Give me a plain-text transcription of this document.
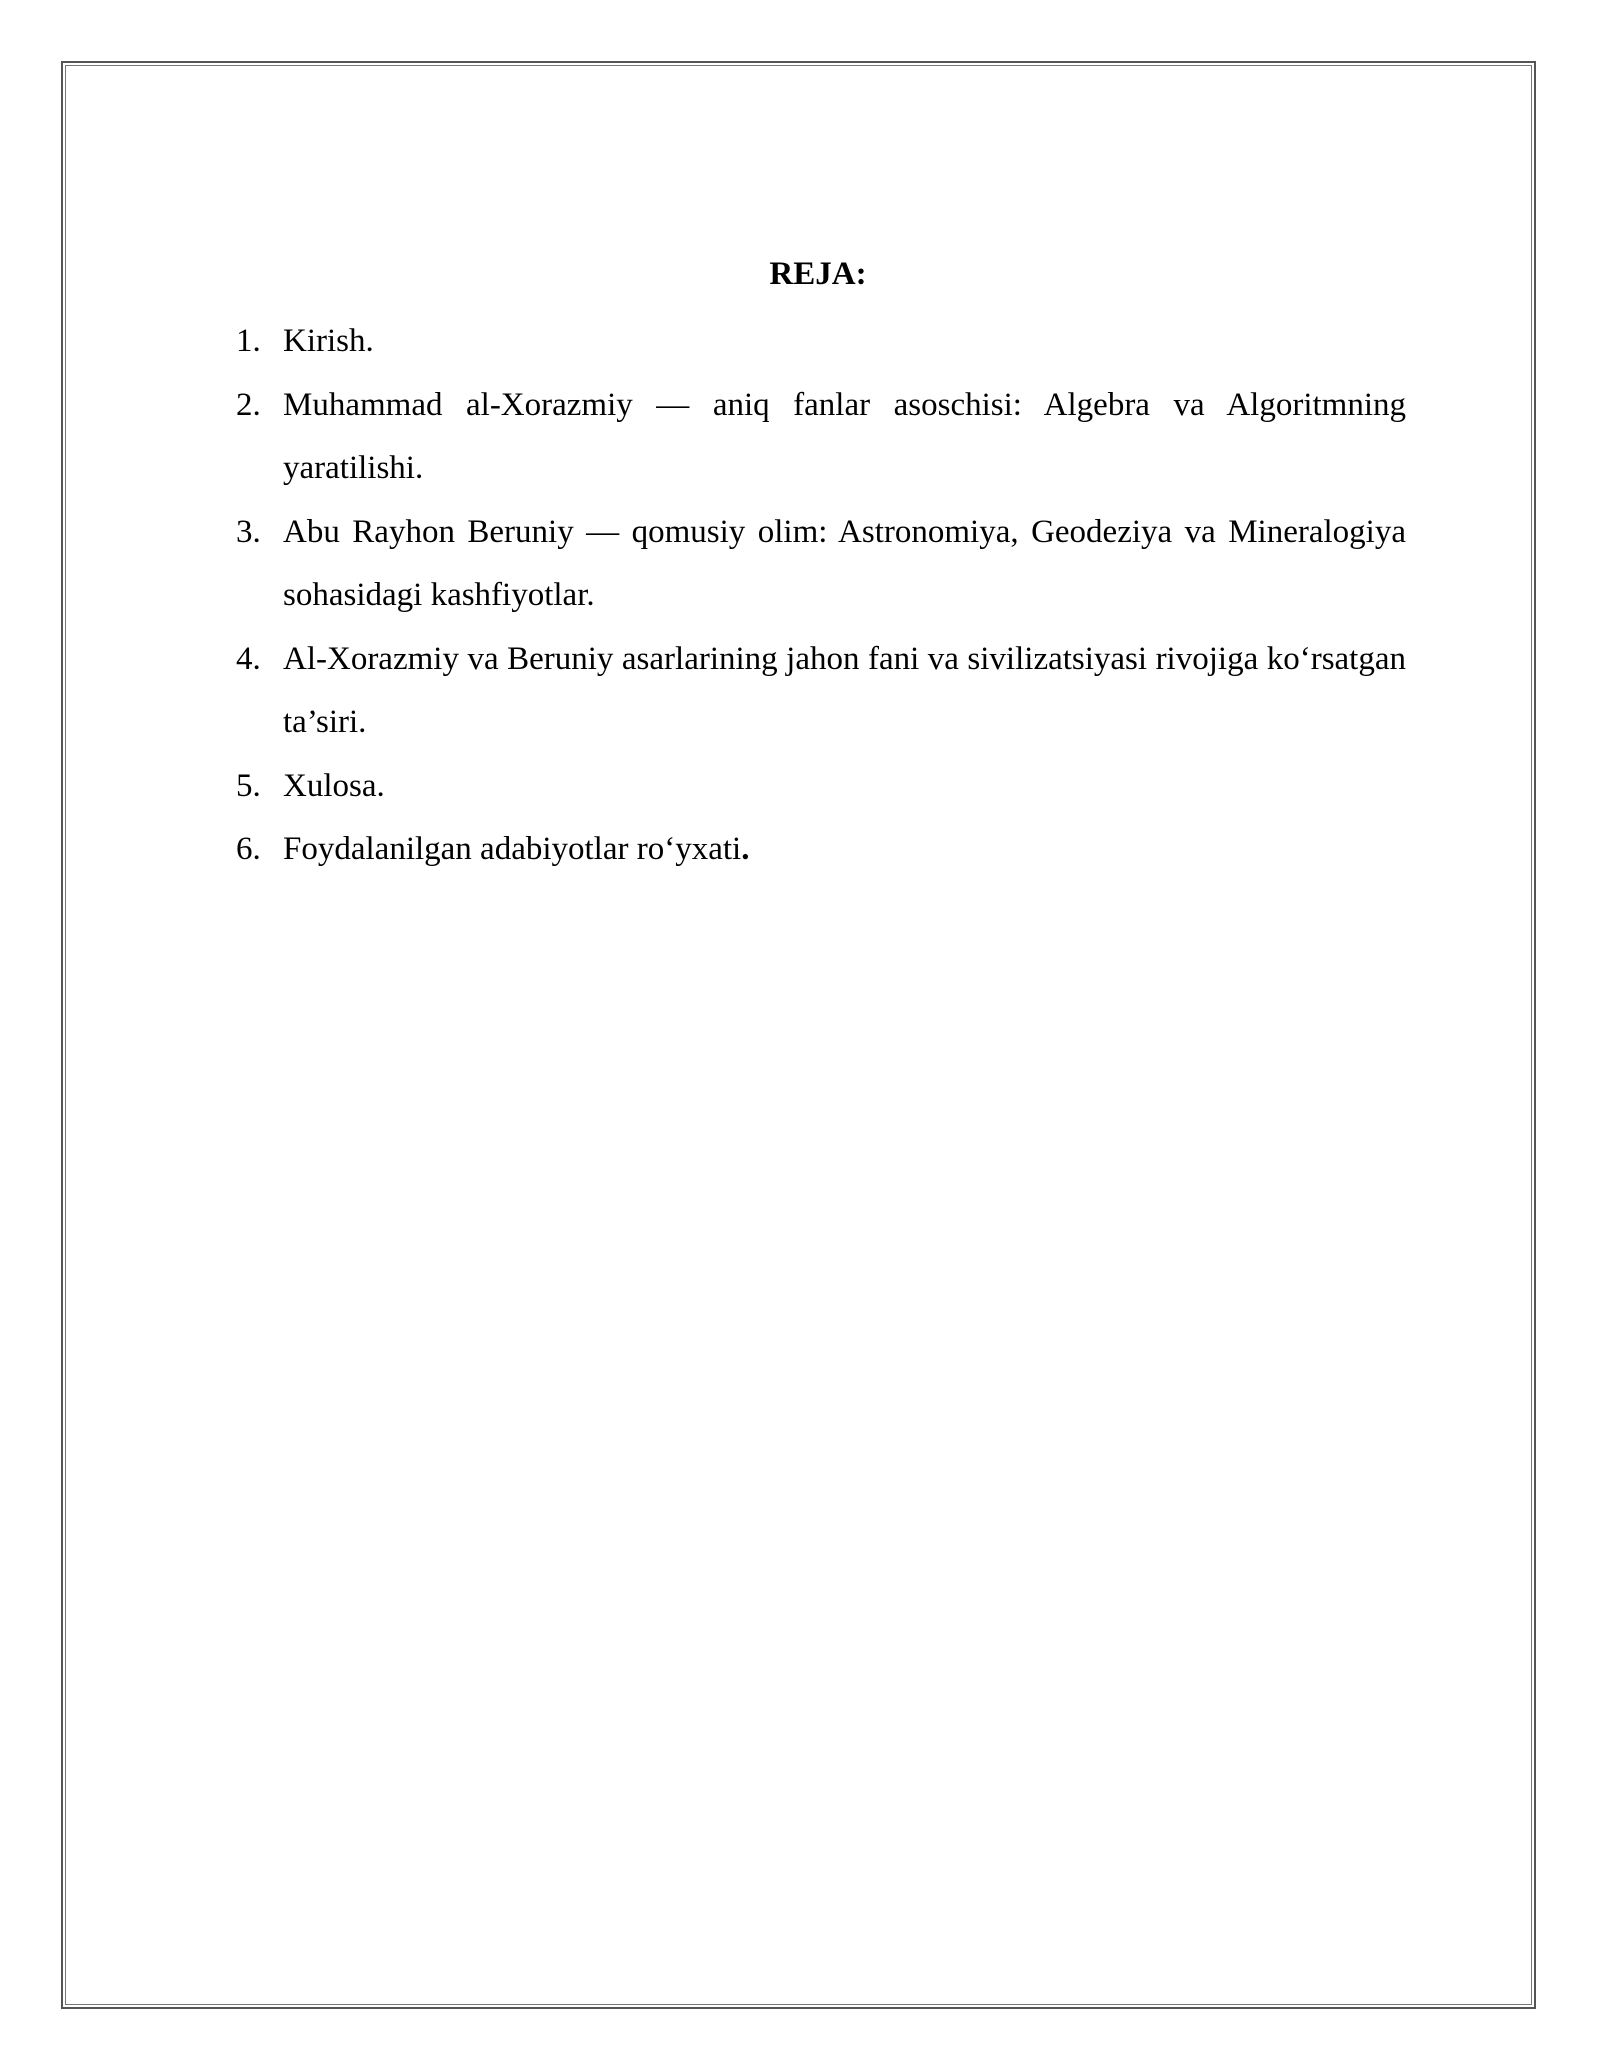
REJA:
1. Kirish.
2. Muhammad al-Xorazmiy — aniq fanlar asoschisi: Algebra va Algoritmning yaratilishi.
3. Abu Rayhon Beruniy — qomusiy olim: Astronomiya, Geodeziya va Mineralogiya sohasidagi kashfiyotlar.
4. Al-Xorazmiy va Beruniy asarlarining jahon fani va sivilizatsiyasi rivojiga ko‘rsatgan ta’siri.
5. Xulosa.
6. Foydalanilgan adabiyotlar ro‘yxati.
